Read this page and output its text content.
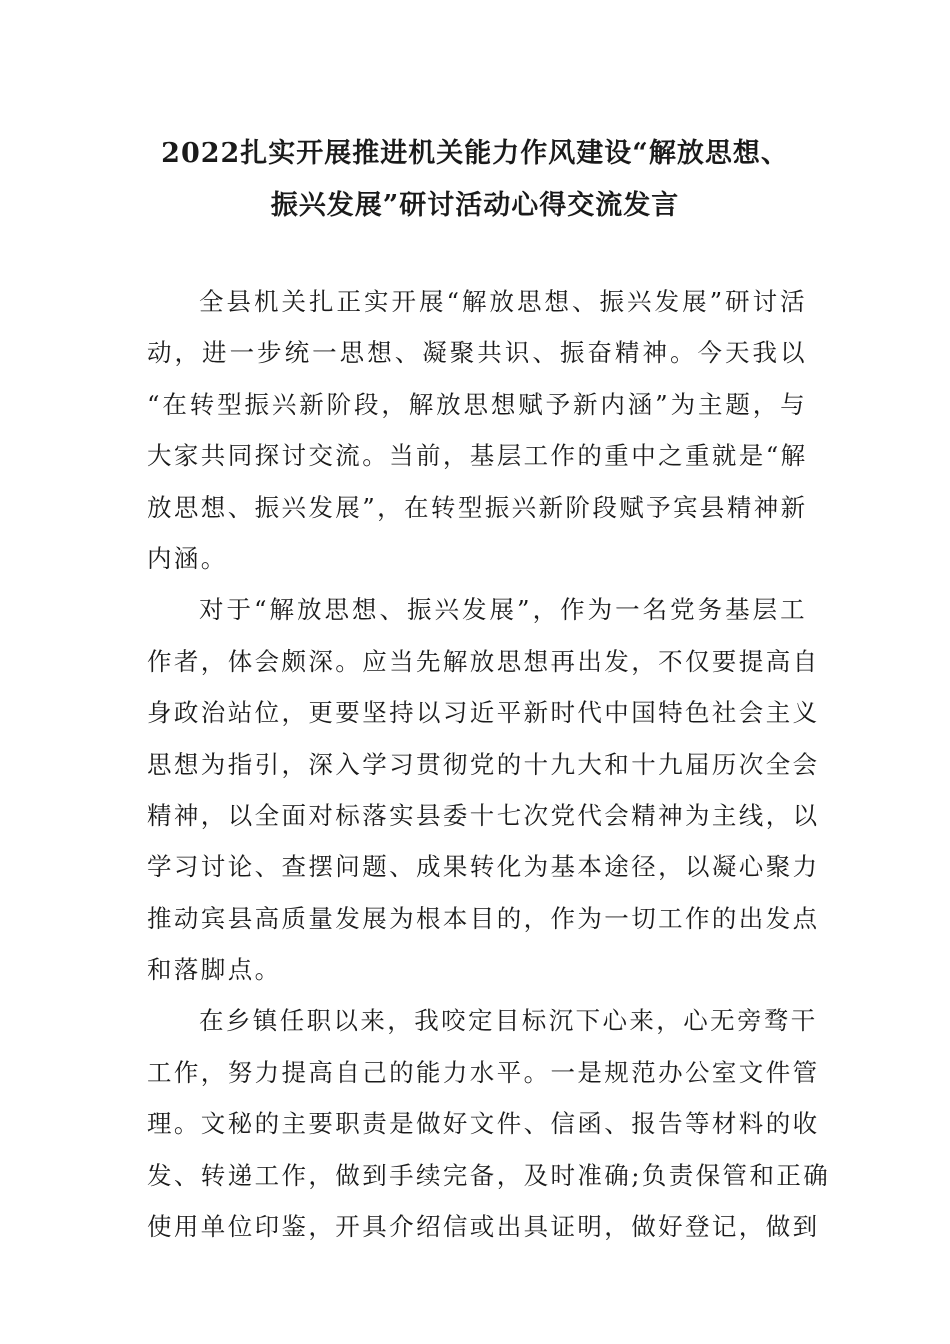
2022扎实开展推进机关能力作风建设“解放思想、
振兴发展”研讨活动心得交流发言
全县机关扎正实开展“解放思想、振兴发展”研讨活
动，进一步统一思想、凝聚共识、振奋精神。今天我以
“在转型振兴新阶段，解放思想赋予新内涵”为主题，与
大家共同探讨交流。当前，基层工作的重中之重就是“解
放思想、振兴发展”，在转型振兴新阶段赋予宾县精神新
内涵。
对于“解放思想、振兴发展”，作为一名党务基层工
作者，体会颇深。应当先解放思想再出发，不仅要提高自
身政治站位，更要坚持以习近平新时代中国特色社会主义
思想为指引，深入学习贯彻党的十九大和十九届历次全会
精神，以全面对标落实县委十七次党代会精神为主线，以
学习讨论、查摆问题、成果转化为基本途径，以凝心聚力
推动宾县高质量发展为根本目的，作为一切工作的出发点
和落脚点。
在乡镇任职以来，我咬定目标沉下心来，心无旁骛干
工作，努力提高自己的能力水平。一是规范办公室文件管
理。文秘的主要职责是做好文件、信函、报告等材料的收
发、转递工作，做到手续完备，及时准确;负责保管和正确
使用单位印鉴，开具介绍信或出具证明，做好登记，做到
